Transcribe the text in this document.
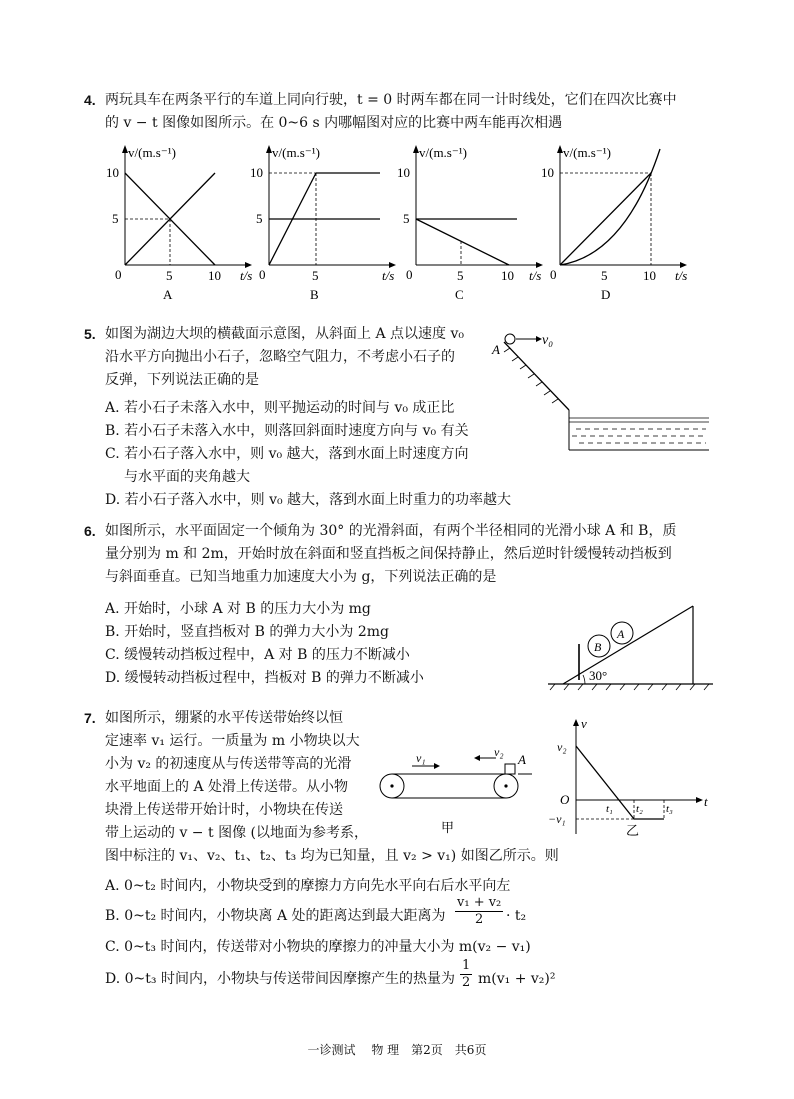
4. 两玩具车在两条平行的车道上同向行驶，t = 0 时两车都在同一计时线处，它们在四次比赛中
的 v − t 图像如图所示。在 0~6 s 内哪幅图对应的比赛中两车能再次相遇
v/(m.s⁻¹)
10
5
0	5	10 t/s
A
v/(m.s⁻¹)
10
5
0	5	t/s
B
v/(m.s⁻¹)
10
5
0	5	10 t/s
C
v/(m.s⁻¹)
10
0	5	10 t/s
D
5. 如图为湖边大坝的横截面示意图，从斜面上 A 点以速度 v₀
沿水平方向抛出小石子，忽略空气阻力，不考虑小石子的
反弹，下列说法正确的是
A. 若小石子未落入水中，则平抛运动的时间与 v₀ 成正比
B. 若小石子未落入水中，则落回斜面时速度方向与 v₀ 有关
C. 若小石子落入水中，则 v₀ 越大，落到水面上时速度方向
与水平面的夹角越大
D. 若小石子落入水中，则 v₀ 越大，落到水面上时重力的功率越大
A
v₀
6. 如图所示，水平面固定一个倾角为 30° 的光滑斜面，有两个半径相同的光滑小球 A 和 B，质
量分别为 m 和 2m，开始时放在斜面和竖直挡板之间保持静止，然后逆时针缓慢转动挡板到
与斜面垂直。已知当地重力加速度大小为 g，下列说法正确的是
A. 开始时，小球 A 对 B 的压力大小为 mg
B. 开始时，竖直挡板对 B 的弹力大小为 2mg
C. 缓慢转动挡板过程中，A 对 B 的压力不断减小
D. 缓慢转动挡板过程中，挡板对 B 的弹力不断减小
B
A
30°
7. 如图所示，绷紧的水平传送带始终以恒
定速率 v₁ 运行。一质量为 m 小物块以大
小为 v₂ 的初速度从与传送带等高的光滑
水平地面上的 A 处滑上传送带。从小物
块滑上传送带开始计时，小物块在传送
带上运动的 v − t 图像 (以地面为参考系，
图中标注的 v₁、v₂、t₁、t₂、t₃ 均为已知量，且 v₂ > v₁) 如图乙所示。则
A. 0~t₂ 时间内，小物块受到的摩擦力方向先水平向右后水平向左
B. 0~t₂ 时间内，小物块离 A 处的距离达到最大距离为
v₁ + v₂
2	· t₂
C. 0~t₃ 时间内，传送带对小物块的摩擦力的冲量大小为 m(v₂ − v₁)
D. 0~t₃ 时间内，小物块与传送带间因摩擦产生的热量为
1
2 m(v₁ + v₂)²
v₁	v₂ A
甲
v
v₂
O
−v₁
t₁ t₂ t₃ t
乙
一诊测试　 物 理　第2页　共6页
